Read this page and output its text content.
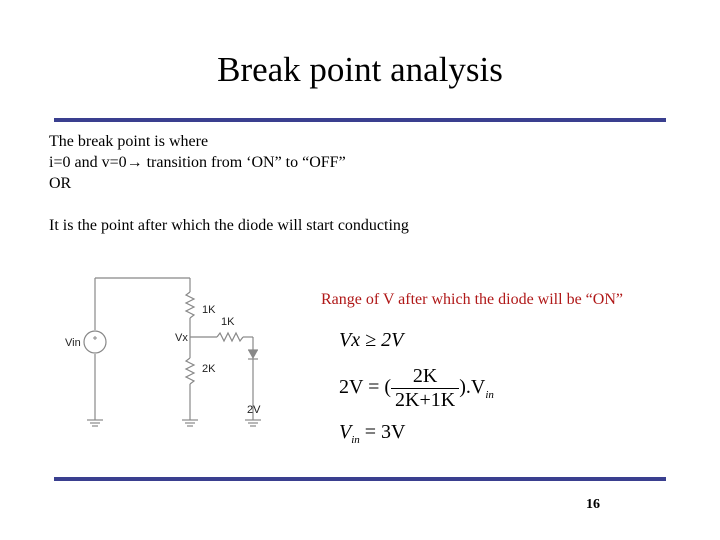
Break point analysis
The break point is where
i=0 and v=0→ transition from ‘ON” to “OFF”
OR
It is the point after which the diode will start conducting
Range of V after which the diode will be “ON”
Vin
1K
Vx
1K
2K
2V
Vx ≥ 2V
2V = ( $\frac{2K}{2K+1K} ).V_{in}$
$V_{in} = 3V$
16
